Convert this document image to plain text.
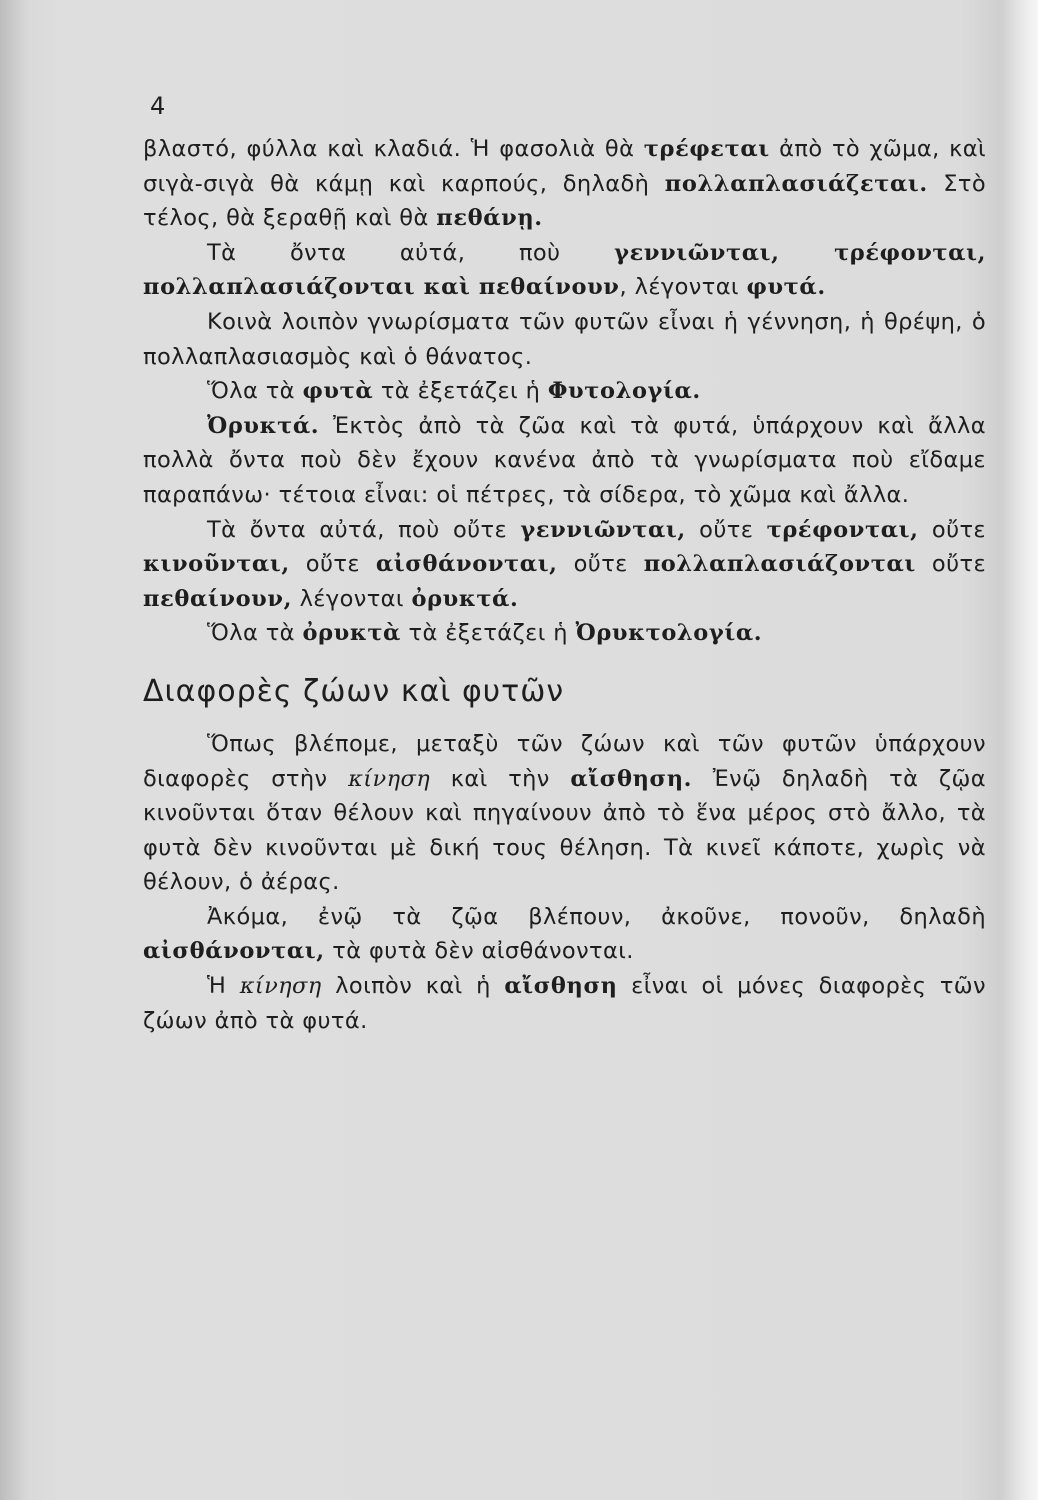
4

βλαστό, φύλλα καὶ κλαδιά. Ἡ φασολιὰ θὰ τρέφεται ἀπὸ τὸ χῶμα, καὶ σιγὰ-σιγὰ θὰ κάμῃ καὶ καρπούς, δηλαδὴ πολλαπλασιάζεται. Στὸ τέλος, θὰ ξεραθῇ καὶ θὰ πεθάνῃ.

Τὰ ὄντα αὐτά, ποὺ γεννιῶνται, τρέφονται, πολλαπλασιάζονται καὶ πεθαίνουν, λέγονται φυτά.

Κοινὰ λοιπὸν γνωρίσματα τῶν φυτῶν εἶναι ἡ γέννηση, ἡ θρέψη, ὁ πολλαπλασιασμὸς καὶ ὁ θάνατος.

Ὅλα τὰ φυτὰ τὰ ἐξετάζει ἡ Φυτολογία.

Ὀρυκτά. Ἐκτὸς ἀπὸ τὰ ζῶα καὶ τὰ φυτά, ὑπάρχουν καὶ ἄλλα πολλὰ ὄντα ποὺ δὲν ἔχουν κανένα ἀπὸ τὰ γνωρίσματα ποὺ εἴδαμε παραπάνω· τέτοια εἶναι: οἱ πέτρες, τὰ σίδερα, τὸ χῶμα καὶ ἄλλα.

Τὰ ὄντα αὐτά, ποὺ οὔτε γεννιῶνται, οὔτε τρέφονται, οὔτε κινοῦνται, οὔτε αἰσθάνονται, οὔτε πολλαπλασιάζονται οὔτε πεθαίνουν, λέγονται ὀρυκτά.

Ὅλα τὰ ὀρυκτὰ τὰ ἐξετάζει ἡ Ὀρυκτολογία.

Διαφορὲς ζώων καὶ φυτῶν

Ὅπως βλέπομε, μεταξὺ τῶν ζώων καὶ τῶν φυτῶν ὑπάρχουν διαφορὲς στὴν κίνηση καὶ τὴν αἴσθηση. Ἐνῷ δηλαδὴ τὰ ζῷα κινοῦνται ὅταν θέλουν καὶ πηγαίνουν ἀπὸ τὸ ἕνα μέρος στὸ ἄλλο, τὰ φυτὰ δὲν κινοῦνται μὲ δική τους θέληση. Τὰ κινεῖ κάποτε, χωρὶς νὰ θέλουν, ὁ ἀέρας.

Ἀκόμα, ἐνῷ τὰ ζῷα βλέπουν, ἀκοῦνε, πονοῦν, δηλαδὴ αἰσθάνονται, τὰ φυτὰ δὲν αἰσθάνονται.

Ἡ κίνηση λοιπὸν καὶ ἡ αἴσθηση εἶναι οἱ μόνες διαφορὲς τῶν ζώων ἀπὸ τὰ φυτά.
